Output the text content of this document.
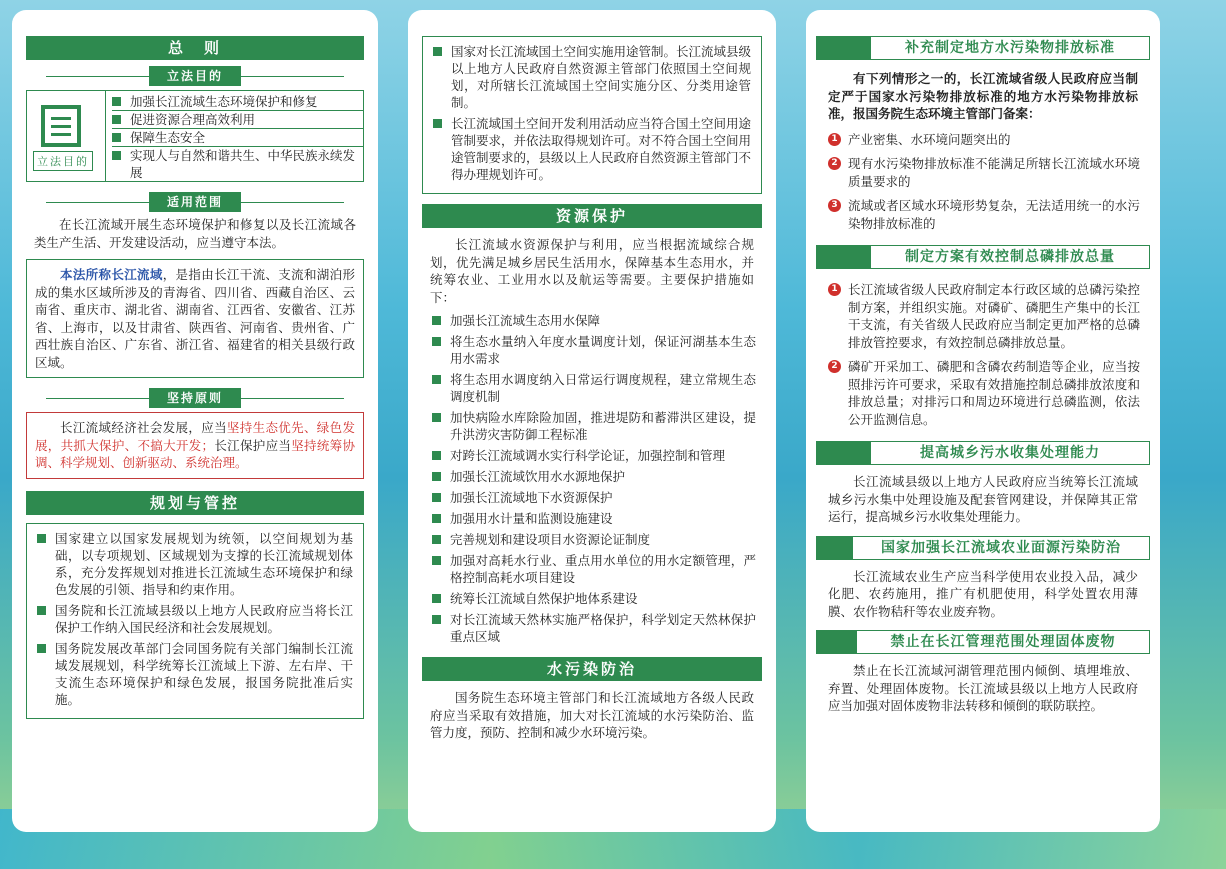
总　则
立法目的
立法目的
加强长江流域生态环境保护和修复
促进资源合理高效利用
保障生态安全
实现人与自然和谐共生、中华民族永续发展
适用范围

在长江流域开展生态环境保护和修复以及长江流域各类生产生活、开发建设活动，应当遵守本法。

本法所称长江流域，是指由长江干流、支流和湖泊形成的集水区域所涉及的青海省、四川省、西藏自治区、云南省、重庆市、湖北省、湖南省、江西省、安徽省、江苏省、上海市，以及甘肃省、陕西省、河南省、贵州省、广西壮族自治区、广东省、浙江省、福建省的相关县级行政区域。

坚持原则

长江流域经济社会发展，应当坚持生态优先、绿色发展，共抓大保护、不搞大开发；长江保护应当坚持统筹协调、科学规划、创新驱动、系统治理。

规划与管控
国家建立以国家发展规划为统领，以空间规划为基础，以专项规划、区域规划为支撑的长江流域规划体系，充分发挥规划对推进长江流域生态环境保护和绿色发展的引领、指导和约束作用。
国务院和长江流域县级以上地方人民政府应当将长江保护工作纳入国民经济和社会发展规划。
国务院发展改革部门会同国务院有关部门编制长江流域发展规划，科学统筹长江流域上下游、左右岸、干支流生态环境保护和绿色发展，报国务院批准后实施。
国家对长江流域国土空间实施用途管制。长江流域县级以上地方人民政府自然资源主管部门依照国土空间规划，对所辖长江流域国土空间实施分区、分类用途管制。
长江流域国土空间开发利用活动应当符合国土空间用途管制要求，并依法取得规划许可。对不符合国土空间用途管制要求的，县级以上人民政府自然资源主管部门不得办理规划许可。
资源保护

长江流域水资源保护与利用，应当根据流域综合规划，优先满足城乡居民生活用水，保障基本生态用水，并统筹农业、工业用水以及航运等需要。主要保护措施如下：

加强长江流域生态用水保障
将生态水量纳入年度水量调度计划，保证河湖基本生态用水需求
将生态用水调度纳入日常运行调度规程，建立常规生态调度机制
加快病险水库除险加固，推进堤防和蓄滞洪区建设，提升洪涝灾害防御工程标准
对跨长江流域调水实行科学论证，加强控制和管理
加强长江流域饮用水水源地保护
加强长江流域地下水资源保护
加强用水计量和监测设施建设
完善规划和建设项目水资源论证制度
加强对高耗水行业、重点用水单位的用水定额管理，严格控制高耗水项目建设
统筹长江流域自然保护地体系建设
对长江流域天然林实施严格保护，科学划定天然林保护重点区域
水污染防治

国务院生态环境主管部门和长江流域地方各级人民政府应当采取有效措施，加大对长江流域的水污染防治、监管力度，预防、控制和减少水环境污染。

补充制定地方水污染物排放标准

有下列情形之一的，长江流域省级人民政府应当制定严于国家水污染物排放标准的地方水污染物排放标准，报国务院生态环境主管部门备案：

1 产业密集、水环境问题突出的
2 现有水污染物排放标准不能满足所辖长江流域水环境质量要求的
3 流域或者区域水环境形势复杂，无法适用统一的水污染物排放标准的
制定方案有效控制总磷排放总量
1 长江流域省级人民政府制定本行政区域的总磷污染控制方案，并组织实施。对磷矿、磷肥生产集中的长江干支流，有关省级人民政府应当制定更加严格的总磷排放管控要求，有效控制总磷排放总量。
2 磷矿开采加工、磷肥和含磷农药制造等企业，应当按照排污许可要求，采取有效措施控制总磷排放浓度和排放总量；对排污口和周边环境进行总磷监测，依法公开监测信息。
提高城乡污水收集处理能力

长江流域县级以上地方人民政府应当统筹长江流域城乡污水集中处理设施及配套管网建设，并保障其正常运行，提高城乡污水收集处理能力。

国家加强长江流域农业面源污染防治

长江流域农业生产应当科学使用农业投入品，减少化肥、农药施用，推广有机肥使用，科学处置农用薄膜、农作物秸秆等农业废弃物。

禁止在长江管理范围处理固体废物

禁止在长江流域河湖管理范围内倾倒、填埋堆放、弃置、处理固体废物。长江流域县级以上地方人民政府应当加强对固体废物非法转移和倾倒的联防联控。
